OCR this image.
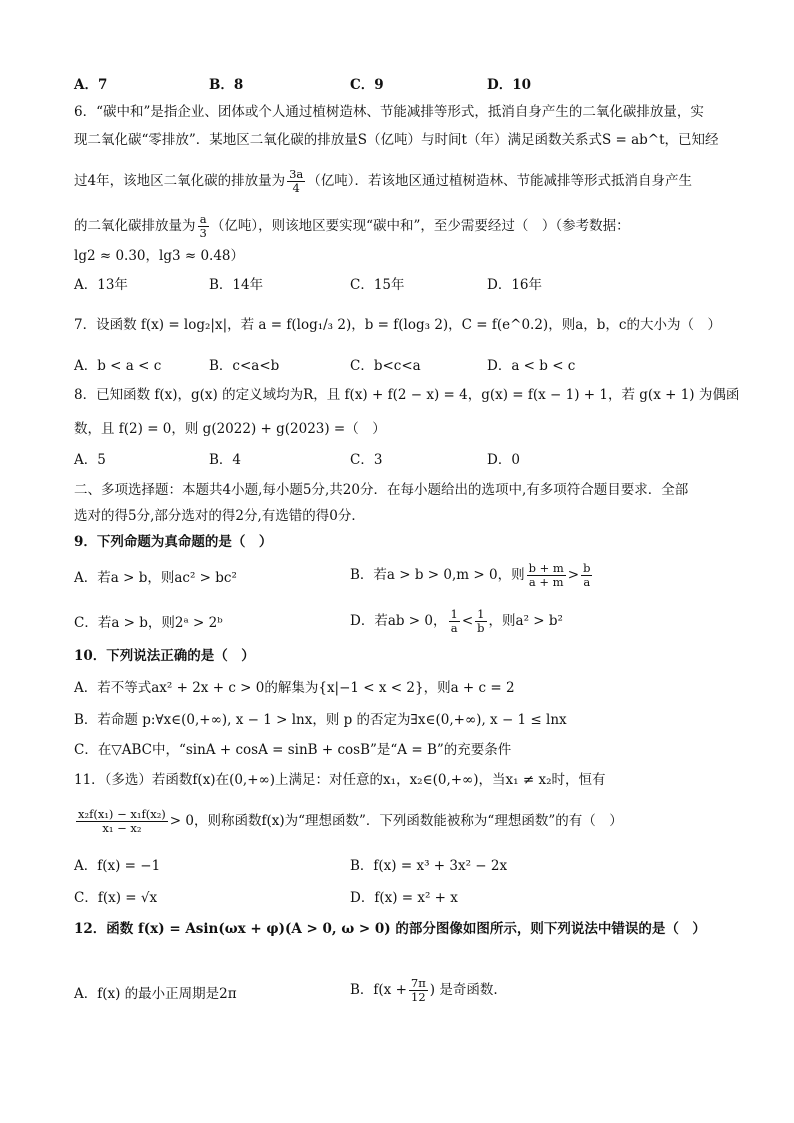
A．7	B．8	C．9	D．10
6．“碳中和”是指企业、团体或个人通过植树造林、节能减排等形式，抵消自身产生的二氧化碳排放量，实
现二氧化碳“零排放”．某地区二氧化碳的排放量S（亿吨）与时间t（年）满足函数关系式S = ab^t，已知经
过4年，该地区二氧化碳的排放量为 $\frac{3a}{4}$ （亿吨）．若该地区通过植树造林、节能减排等形式抵消自身产生
的二氧化碳排放量为 $\frac{a}{3}$ （亿吨），则该地区要实现“碳中和”，至少需要经过（　）（参考数据：
lg2 ≈ 0.30，lg3 ≈ 0.48）
A．13年	B．14年	C．15年	D．16年
7．设函数 f(x) = log₂|x|，若 a = f(log₁/₃ 2)，b = f(log₃ 2)，C = f(e^0.2)，则a，b，c的大小为（　）
A．b < a < c	B．c<a<b	C．b<c<a	D．a < b < c
8．已知函数 f(x)，g(x) 的定义域均为R，且 f(x) + f(2 − x) = 4，g(x) = f(x − 1) + 1，若 g(x + 1) 为偶函
数，且 f(2) = 0，则 g(2022) + g(2023) =（　）
A．5	B．4	C．3	D．0
二、多项选择题：本题共4小题,每小题5分,共20分．在每小题给出的选项中,有多项符合题目要求．全部
选对的得5分,部分选对的得2分,有选错的得0分．
9．下列命题为真命题的是（　）
A．若a > b，则ac² > bc²	B．若a > b > 0,m > 0，则 $\frac{b + m}{a + m} > \frac{b}{a}$
C．若a > b，则2ᵃ > 2ᵇ	D．若ab > 0， $\frac{1}{a} < \frac{1}{b}$ ，则a² > b²
10．下列说法正确的是（　）
A．若不等式ax² + 2x + c > 0的解集为{x|−1 < x < 2}，则a + c = 2
B．若命题 p:∀x∈(0,+∞), x − 1 > lnx，则 p 的否定为∃x∈(0,+∞), x − 1 ≤ lnx
C．在▽ABC中，“sinA + cosA = sinB + cosB”是“A = B”的充要条件
11．（多选）若函数f(x)在(0,+∞)上满足：对任意的x₁，x₂∈(0,+∞)，当x₁ ≠ x₂时，恒有
$\frac{\text{x₂f(x₁) − x₁f(x₂)}}{\text{x₁ − x₂}} > 0$，则称函数f(x)为“理想函数”．下列函数能被称为“理想函数”的有（　）
A．f(x) = −1	B．f(x) = x³ + 3x² − 2x
C．f(x) = √x	D．f(x) = x² + x
12．函数 f(x) = Asin(ωx + φ)(A > 0, ω > 0) 的部分图像如图所示，则下列说法中错误的是（　）
A．f(x) 的最小正周期是2π	B．$f(x + \frac{7\pi}{12}$ ) 是奇函数.
